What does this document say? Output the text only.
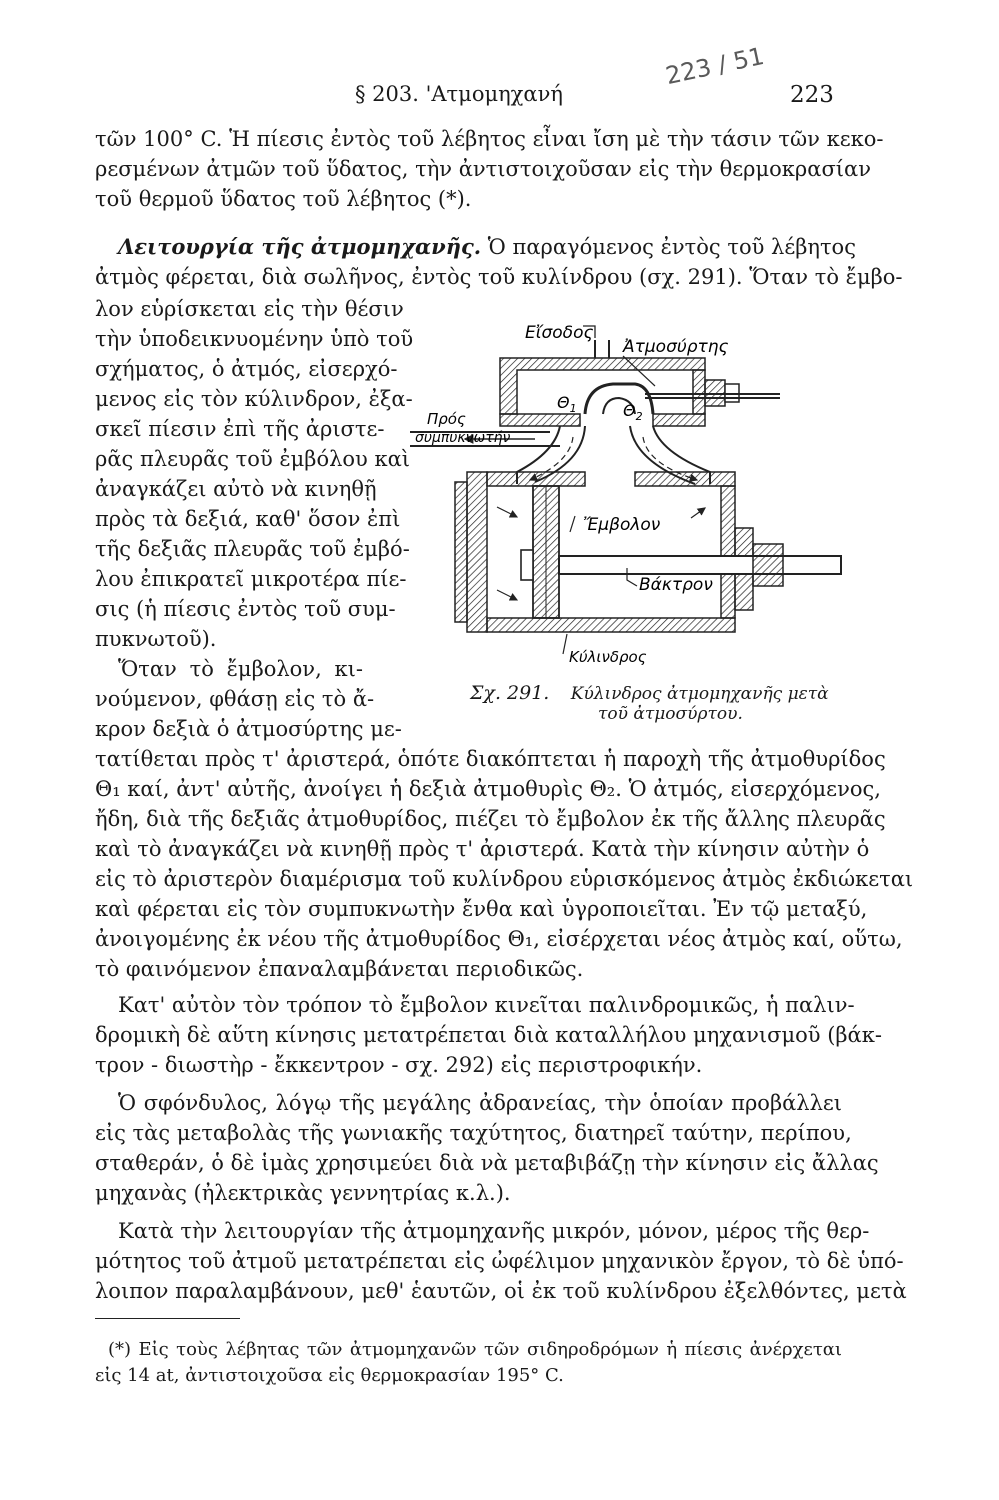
§ 203. 'Ατμομηχανή	223
223 / 51
τῶν 100° C. Ἡ πίεσις ἐντὸς τοῦ λέβητος εἶναι ἴση μὲ τὴν τάσιν τῶν κεκο-
ρεσμένων ἀτμῶν τοῦ ὕδατος, τὴν ἀντιστοιχοῦσαν εἰς τὴν θερμοκρασίαν
τοῦ θερμοῦ ὕδατος τοῦ λέβητος (*).
Λειτουργία τῆς ἀτμομηχανῆς. Ὁ παραγόμενος ἐντὸς τοῦ λέβητος
ἀτμὸς φέρεται, διὰ σωλῆνος, ἐντὸς τοῦ κυλίνδρου (σχ. 291). Ὅταν τὸ ἔμβο-
λον εὑρίσκεται εἰς τὴν θέσιν
τὴν ὑποδεικνυομένην ὑπὸ τοῦ
σχήματος, ὁ ἀτμός, εἰσερχό-
μενος εἰς τὸν κύλινδρον, ἐξα-
σκεῖ πίεσιν ἐπὶ τῆς ἀριστε-
ρᾶς πλευρᾶς τοῦ ἐμβόλου καὶ
ἀναγκάζει αὐτὸ νὰ κινηθῇ
πρὸς τὰ δεξιά, καθ' ὅσον ἐπὶ
τῆς δεξιᾶς πλευρᾶς τοῦ ἐμβό-
λου ἐπικρατεῖ μικροτέρα πίε-
σις (ἡ πίεσις ἐντὸς τοῦ συμ-
πυκνωτοῦ).
Ὅταν τὸ ἔμβολον, κι-
νούμενον, φθάσῃ εἰς τὸ ἄ-
κρον δεξιὰ ὁ ἀτμοσύρτης με-
Εἴσοδος
Ἀτμοσύρτης
Πρός
συμπυκνωτήν
$\Theta_1$	$\Theta_2$
Ἔμβολον
Βάκτρον
Κύλινδρος
Σχ. 291. Κύλινδρος ἀτμομηχανῆς μετὰ
τοῦ ἀτμοσύρτου.
τατίθεται πρὸς τ' ἀριστερά, ὁπότε διακόπτεται ἡ παροχὴ τῆς ἀτμοθυρίδος
Θ₁ καί, ἀντ' αὐτῆς, ἀνοίγει ἡ δεξιὰ ἀτμοθυρὶς Θ₂. Ὁ ἀτμός, εἰσερχόμενος,
ἤδη, διὰ τῆς δεξιᾶς ἀτμοθυρίδος, πιέζει τὸ ἔμβολον ἐκ τῆς ἄλλης πλευρᾶς
καὶ τὸ ἀναγκάζει νὰ κινηθῇ πρὸς τ' ἀριστερά. Κατὰ τὴν κίνησιν αὐτὴν ὁ
εἰς τὸ ἀριστερὸν διαμέρισμα τοῦ κυλίνδρου εὑρισκόμενος ἀτμὸς ἐκδιώκεται
καὶ φέρεται εἰς τὸν συμπυκνωτὴν ἔνθα καὶ ὑγροποιεῖται. Ἐν τῷ μεταξύ,
ἀνοιγομένης ἐκ νέου τῆς ἀτμοθυρίδος Θ₁, εἰσέρχεται νέος ἀτμὸς καί, οὕτω,
τὸ φαινόμενον ἐπαναλαμβάνεται περιοδικῶς.
Κατ' αὐτὸν τὸν τρόπον τὸ ἔμβολον κινεῖται παλινδρομικῶς, ἡ παλιν-
δρομικὴ δὲ αὕτη κίνησις μετατρέπεται διὰ καταλλήλου μηχανισμοῦ (βάκ-
τρον - διωστὴρ - ἔκκεντρον - σχ. 292) εἰς περιστροφικήν.
Ὁ σφόνδυλος, λόγῳ τῆς μεγάλης ἀδρανείας, τὴν ὁποίαν προβάλλει
εἰς τὰς μεταβολὰς τῆς γωνιακῆς ταχύτητος, διατηρεῖ ταύτην, περίπου,
σταθεράν, ὁ δὲ ἱμὰς χρησιμεύει διὰ νὰ μεταβιβάζῃ τὴν κίνησιν εἰς ἄλλας
μηχανὰς (ἠλεκτρικὰς γεννητρίας κ.λ.).
Κατὰ τὴν λειτουργίαν τῆς ἀτμομηχανῆς μικρόν, μόνον, μέρος τῆς θερ-
μότητος τοῦ ἀτμοῦ μετατρέπεται εἰς ὠφέλιμον μηχανικὸν ἔργον, τὸ δὲ ὑπό-
λοιπον παραλαμβάνουν, μεθ' ἑαυτῶν, οἱ ἐκ τοῦ κυλίνδρου ἐξελθόντες, μετὰ
(*) Εἰς τοὺς λέβητας τῶν ἀτμομηχανῶν τῶν σιδηροδρόμων ἡ πίεσις ἀνέρχεται
εἰς 14 at, ἀντιστοιχοῦσα εἰς θερμοκρασίαν 195° C.
